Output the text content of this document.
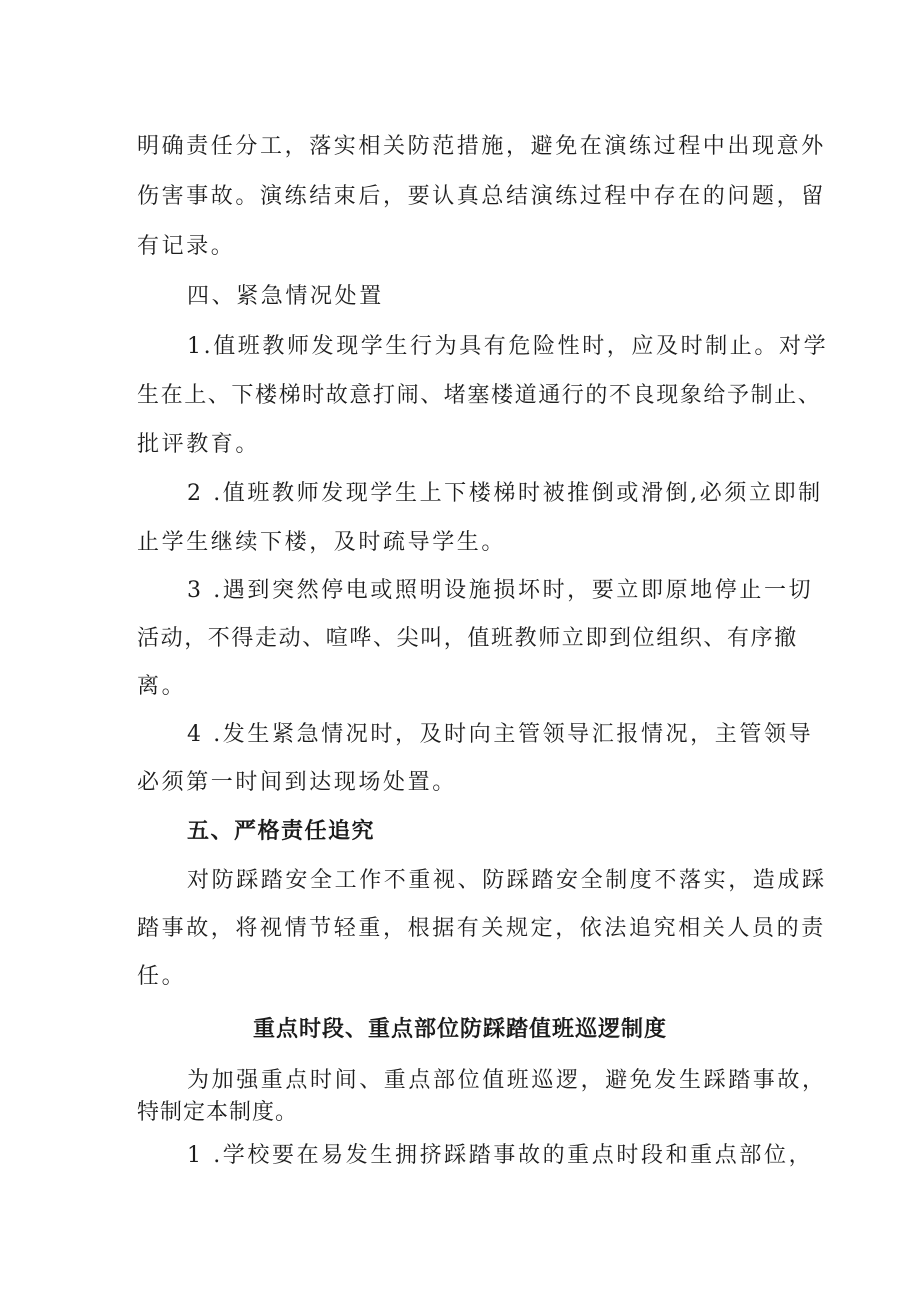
明确责任分工，落实相关防范措施，避免在演练过程中出现意外
伤害事故。演练结束后，要认真总结演练过程中存在的问题，留
有记录。
四、紧急情况处置
1.值班教师发现学生行为具有危险性时，应及时制止。对学
生在上、下楼梯时故意打闹、堵塞楼道通行的不良现象给予制止、
批评教育。
2 .值班教师发现学生上下楼梯时被推倒或滑倒,必须立即制
止学生继续下楼，及时疏导学生。
3 .遇到突然停电或照明设施损坏时，要立即原地停止一切
活动，不得走动、喧哗、尖叫，值班教师立即到位组织、有序撤
离。
4 .发生紧急情况时，及时向主管领导汇报情况，主管领导
必须第一时间到达现场处置。
五、严格责任追究
对防踩踏安全工作不重视、防踩踏安全制度不落实，造成踩
踏事故，将视情节轻重，根据有关规定，依法追究相关人员的责
任。
重点时段、重点部位防踩踏值班巡逻制度
为加强重点时间、重点部位值班巡逻，避免发生踩踏事故，
特制定本制度。
1 .学校要在易发生拥挤踩踏事故的重点时段和重点部位，
